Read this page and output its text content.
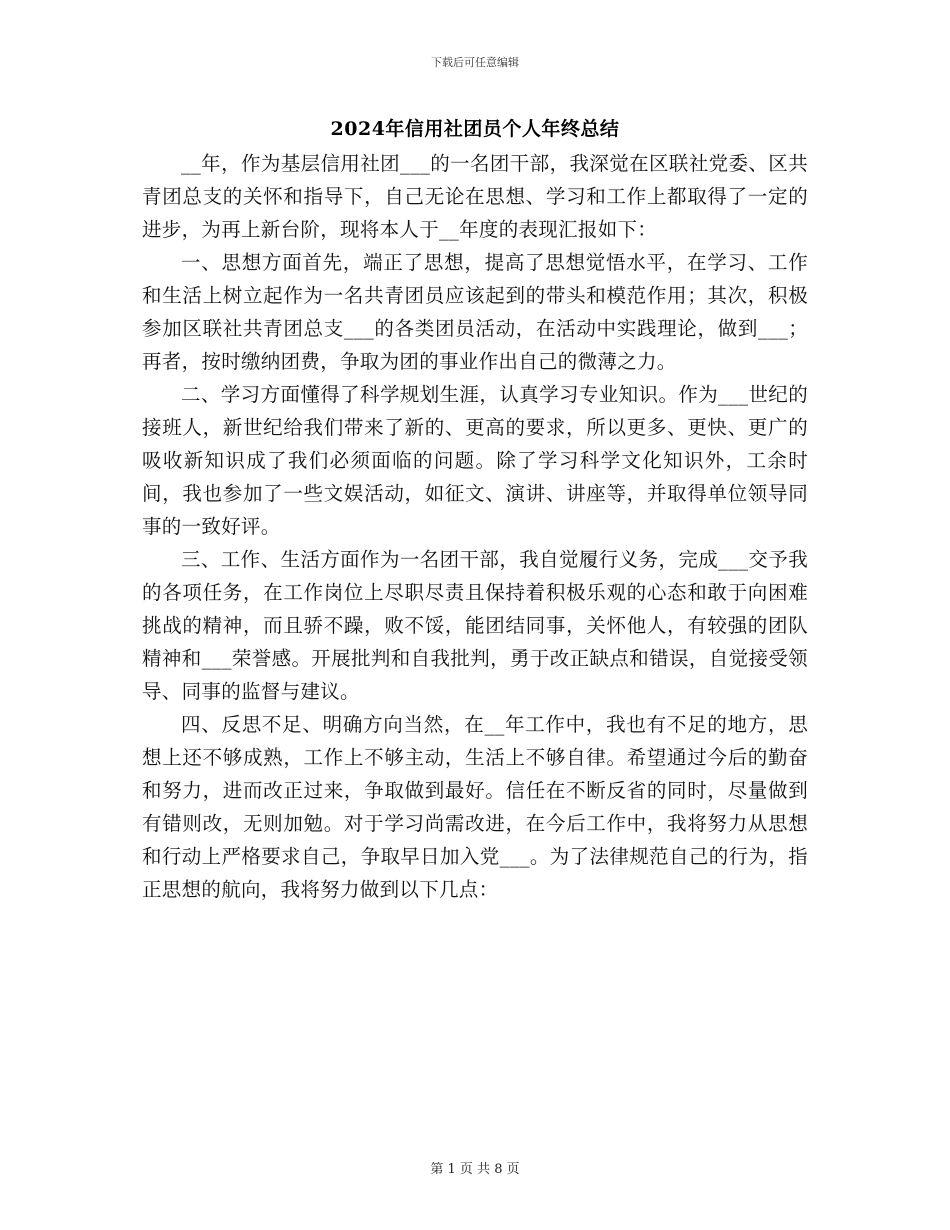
下载后可任意编辑
2024年信用社团员个人年终总结

__年，作为基层信用社团___的一名团干部，我深觉在区联社党委、区共青团总支的关怀和指导下，自己无论在思想、学习和工作上都取得了一定的进步，为再上新台阶，现将本人于__年度的表现汇报如下：

一、思想方面首先，端正了思想，提高了思想觉悟水平，在学习、工作和生活上树立起作为一名共青团员应该起到的带头和模范作用；其次，积极参加区联社共青团总支___的各类团员活动，在活动中实践理论，做到___；再者，按时缴纳团费，争取为团的事业作出自己的微薄之力。

二、学习方面懂得了科学规划生涯，认真学习专业知识。作为___世纪的接班人，新世纪给我们带来了新的、更高的要求，所以更多、更快、更广的吸收新知识成了我们必须面临的问题。除了学习科学文化知识外，工余时间，我也参加了一些文娱活动，如征文、演讲、讲座等，并取得单位领导同事的一致好评。

三、工作、生活方面作为一名团干部，我自觉履行义务，完成___交予我的各项任务，在工作岗位上尽职尽责且保持着积极乐观的心态和敢于向困难挑战的精神，而且骄不躁，败不馁，能团结同事，关怀他人，有较强的团队精神和___荣誉感。开展批判和自我批判，勇于改正缺点和错误，自觉接受领导、同事的监督与建议。

四、反思不足、明确方向当然，在__年工作中，我也有不足的地方，思想上还不够成熟，工作上不够主动，生活上不够自律。希望通过今后的勤奋和努力，进而改正过来，争取做到最好。信任在不断反省的同时，尽量做到有错则改，无则加勉。对于学习尚需改进，在今后工作中，我将努力从思想和行动上严格要求自己，争取早日加入党___。为了法律规范自己的行为，指正思想的航向，我将努力做到以下几点：

第 1 页 共 8 页
